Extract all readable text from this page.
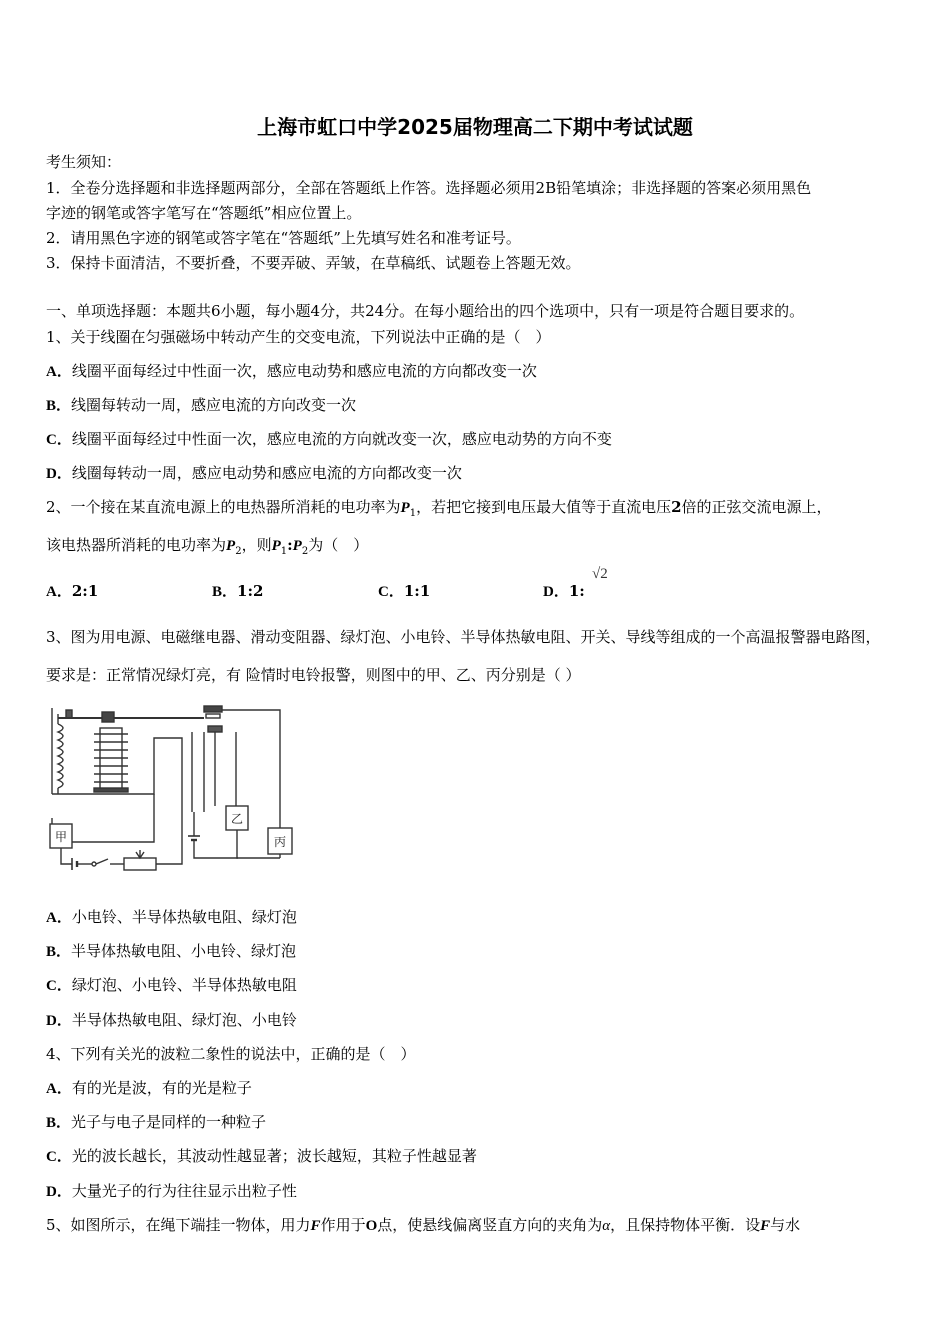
上海市虹口中学2025届物理高二下期中考试试题
考生须知：
1．全卷分选择题和非选择题两部分，全部在答题纸上作答。选择题必须用2B铅笔填涂；非选择题的答案必须用黑色
字迹的钢笔或答字笔写在“答题纸”相应位置上。
2．请用黑色字迹的钢笔或答字笔在“答题纸”上先填写姓名和准考证号。
3．保持卡面清洁，不要折叠，不要弄破、弄皱，在草稿纸、试题卷上答题无效。
一、单项选择题：本题共6小题，每小题4分，共24分。在每小题给出的四个选项中，只有一项是符合题目要求的。
1、关于线圈在匀强磁场中转动产生的交变电流，下列说法中正确的是（　）
A．线圈平面每经过中性面一次，感应电动势和感应电流的方向都改变一次
B．线圈每转动一周，感应电流的方向改变一次
C．线圈平面每经过中性面一次，感应电流的方向就改变一次，感应电动势的方向不变
D．线圈每转动一周，感应电动势和感应电流的方向都改变一次
2、一个接在某直流电源上的电热器所消耗的电功率为$P_1$，若把它接到电压最大值等于直流电压2倍的正弦交流电源上，
该电热器所消耗的电功率为$P_2$，则$P_1:P_2$为（　）
A．2:1	B．1:2	C．1:1	D．1:
√2
3、图为用电源、电磁继电器、滑动变阻器、绿灯泡、小电铃、半导体热敏电阻、开关、导线等组成的一个高温报警器电路图，
要求是：正常情况绿灯亮，有 险情时电铃报警，则图中的甲、乙、丙分别是（ ）
甲
乙
丙
A．小电铃、半导体热敏电阻、绿灯泡
B．半导体热敏电阻、小电铃、绿灯泡
C．绿灯泡、小电铃、半导体热敏电阻
D．半导体热敏电阻、绿灯泡、小电铃
4、下列有关光的波粒二象性的说法中，正确的是（　）
A．有的光是波，有的光是粒子
B．光子与电子是同样的一种粒子
C．光的波长越长，其波动性越显著；波长越短，其粒子性越显著
D．大量光子的行为往往显示出粒子性
5、如图所示，在绳下端挂一物体，用力F作用于O点，使悬线偏离竖直方向的夹角为α，且保持物体平衡．设F与水
